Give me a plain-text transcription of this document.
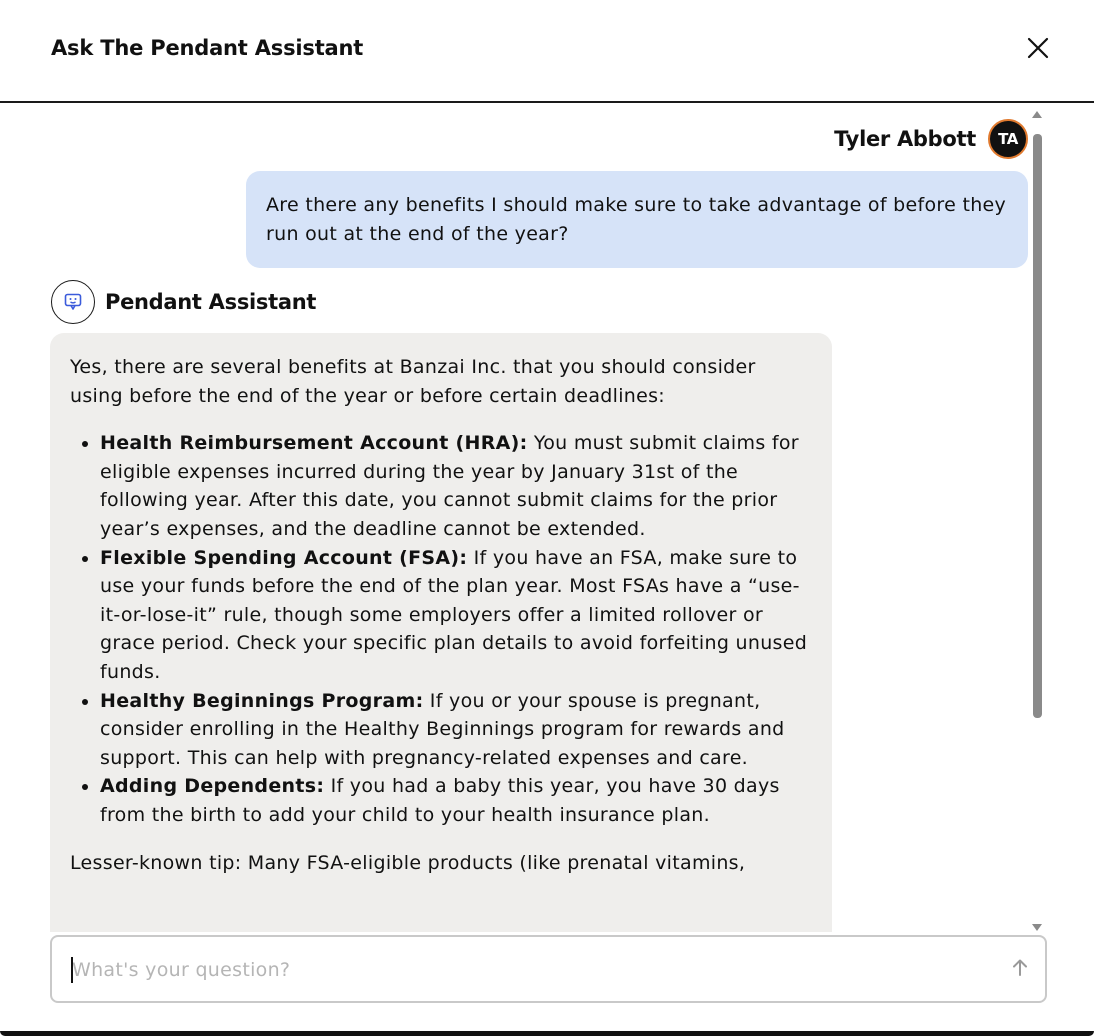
Ask The Pendant Assistant
Tyler Abbott	TA
Are there any benefits I should make sure to take advantage of before they run out at the end of the year?
Pendant Assistant

Yes, there are several benefits at Banzai Inc. that you should consider using before the end of the year or before certain deadlines:

• Health Reimbursement Account (HRA): You must submit claims for eligible expenses incurred during the year by January 31st of the following year. After this date, you cannot submit claims for the prior year’s expenses, and the deadline cannot be extended.
• Flexible Spending Account (FSA): If you have an FSA, make sure to use your funds before the end of the plan year. Most FSAs have a “use-it-or-lose-it” rule, though some employers offer a limited rollover or grace period. Check your specific plan details to avoid forfeiting unused funds.
• Healthy Beginnings Program: If you or your spouse is pregnant, consider enrolling in the Healthy Beginnings program for rewards and support. This can help with pregnancy-related expenses and care.
• Adding Dependents: If you had a baby this year, you have 30 days from the birth to add your child to your health insurance plan.

Lesser-known tip: Many FSA-eligible products (like prenatal vitamins,

What's your question?
